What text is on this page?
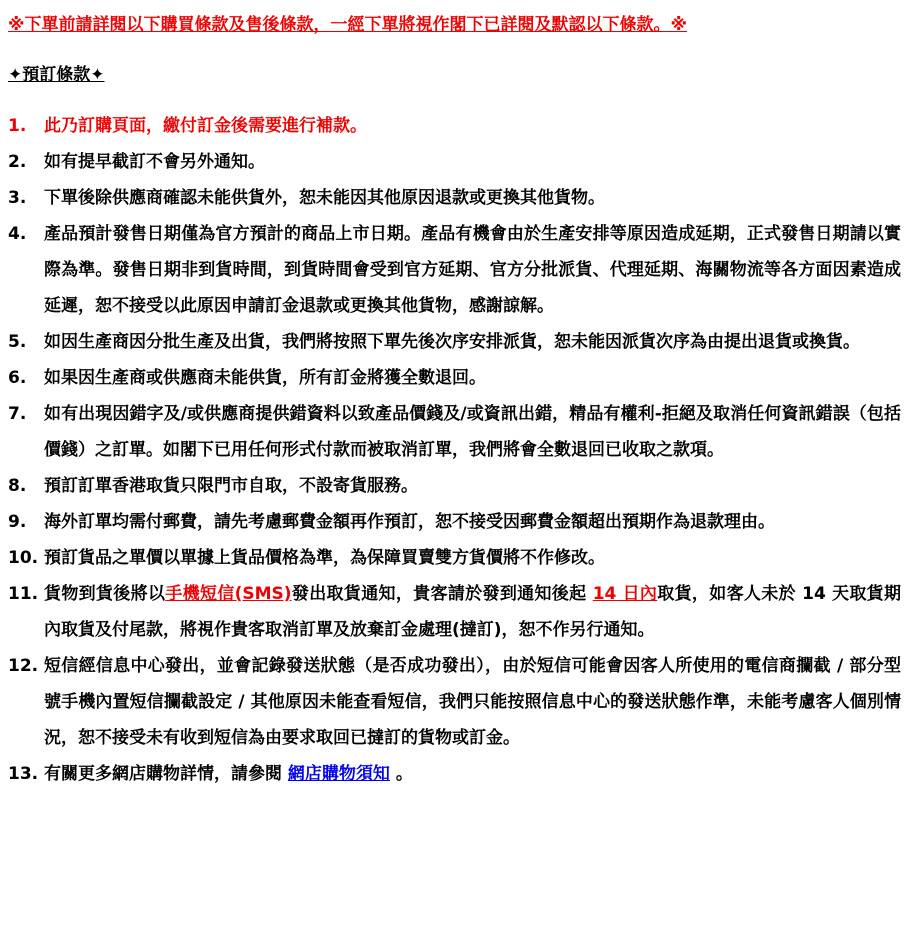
※下單前請詳閱以下購買條款及售後條款，一經下單將視作閣下已詳閱及默認以下條款。※
✦預訂條款✦
1.	此乃訂購頁面，繳付訂金後需要進行補款。
2.	如有提早截訂不會另外通知。
3.	下單後除供應商確認未能供貨外，恕未能因其他原因退款或更換其他貨物。
4.	產品預計發售日期僅為官方預計的商品上市日期。產品有機會由於生產安排等原因造成延期，正式發售日期請以實際為準。發售日期非到貨時間，到貨時間會受到官方延期、官方分批派貨、代理延期、海關物流等各方面因素造成延遲，恕不接受以此原因申請訂金退款或更換其他貨物，感謝諒解。
5.	如因生產商因分批生產及出貨，我們將按照下單先後次序安排派貨，恕未能因派貨次序為由提出退貨或換貨。
6.	如果因生產商或供應商未能供貨，所有訂金將獲全數退回。
7.	如有出現因錯字及/或供應商提供錯資料以致產品價錢及/或資訊出錯，精品有權利-拒絕及取消任何資訊錯誤（包括價錢）之訂單。如閣下已用任何形式付款而被取消訂單，我們將會全數退回已收取之款項。
8.	預訂訂單香港取貨只限門市自取，不設寄貨服務。
9.	海外訂單均需付郵費，請先考慮郵費金額再作預訂，恕不接受因郵費金額超出預期作為退款理由。
10. 預訂貨品之單價以單據上貨品價格為準，為保障買賣雙方貨價將不作修改。
11. 貨物到貨後將以手機短信(SMS)發出取貨通知，貴客請於發到通知後起 14 日內取貨，如客人未於 14 天取貨期內取貨及付尾款，將視作貴客取消訂單及放棄訂金處理(撻訂)，恕不作另行通知。
12. 短信經信息中心發出，並會記錄發送狀態（是否成功發出），由於短信可能會因客人所使用的電信商攔截 / 部分型號手機內置短信攔截設定 / 其他原因未能查看短信，我們只能按照信息中心的發送狀態作準，未能考慮客人個別情況，恕不接受未有收到短信為由要求取回已撻訂的貨物或訂金。
13. 有關更多網店購物詳情，請參閱 網店購物須知 。
